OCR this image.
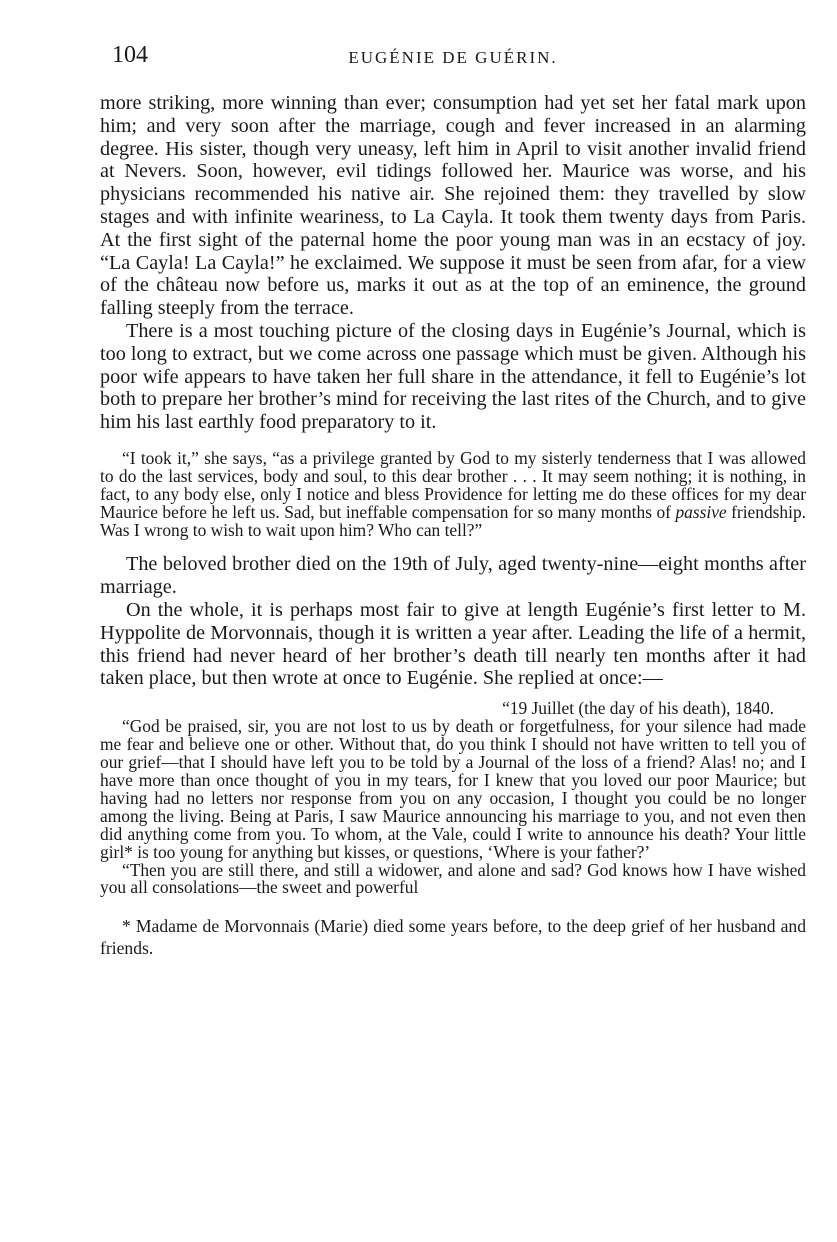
104	EUGÉNIE DE GUÉRIN.

more striking, more winning than ever; consumption had yet set her fatal mark upon him; and very soon after the marriage, cough and fever increased in an alarming degree. His sister, though very uneasy, left him in April to visit another invalid friend at Nevers. Soon, however, evil tidings followed her. Maurice was worse, and his physicians recommended his native air. She rejoined them: they travelled by slow stages and with infinite weariness, to La Cayla. It took them twenty days from Paris. At the first sight of the paternal home the poor young man was in an ecstacy of joy. “La Cayla! La Cayla!” he exclaimed. We suppose it must be seen from afar, for a view of the château now before us, marks it out as at the top of an eminence, the ground falling steeply from the terrace.

There is a most touching picture of the closing days in Eugénie’s Journal, which is too long to extract, but we come across one passage which must be given. Although his poor wife appears to have taken her full share in the attendance, it fell to Eugénie’s lot both to prepare her brother’s mind for receiving the last rites of the Church, and to give him his last earthly food preparatory to it.

“I took it,” she says, “as a privilege granted by God to my sisterly tenderness that I was allowed to do the last services, body and soul, to this dear brother . . . It may seem nothing; it is nothing, in fact, to any body else, only I notice and bless Providence for letting me do these offices for my dear Maurice before he left us. Sad, but ineffable compensation for so many months of passive friendship. Was I wrong to wish to wait upon him? Who can tell?”

The beloved brother died on the 19th of July, aged twenty-nine—eight months after marriage.

On the whole, it is perhaps most fair to give at length Eugénie’s first letter to M. Hyppolite de Morvonnais, though it is written a year after. Leading the life of a hermit, this friend had never heard of her brother’s death till nearly ten months after it had taken place, but then wrote at once to Eugénie. She replied at once:—

“19 Juillet (the day of his death), 1840.

“God be praised, sir, you are not lost to us by death or forgetfulness, for your silence had made me fear and believe one or other. Without that, do you think I should not have written to tell you of our grief—that I should have left you to be told by a Journal of the loss of a friend? Alas! no; and I have more than once thought of you in my tears, for I knew that you loved our poor Maurice; but having had no letters nor response from you on any occasion, I thought you could be no longer among the living. Being at Paris, I saw Maurice announcing his marriage to you, and not even then did anything come from you. To whom, at the Vale, could I write to announce his death? Your little girl* is too young for anything but kisses, or questions, ‘Where is your father?’

“Then you are still there, and still a widower, and alone and sad? God knows how I have wished you all consolations—the sweet and powerful

* Madame de Morvonnais (Marie) died some years before, to the deep grief of her husband and friends.
